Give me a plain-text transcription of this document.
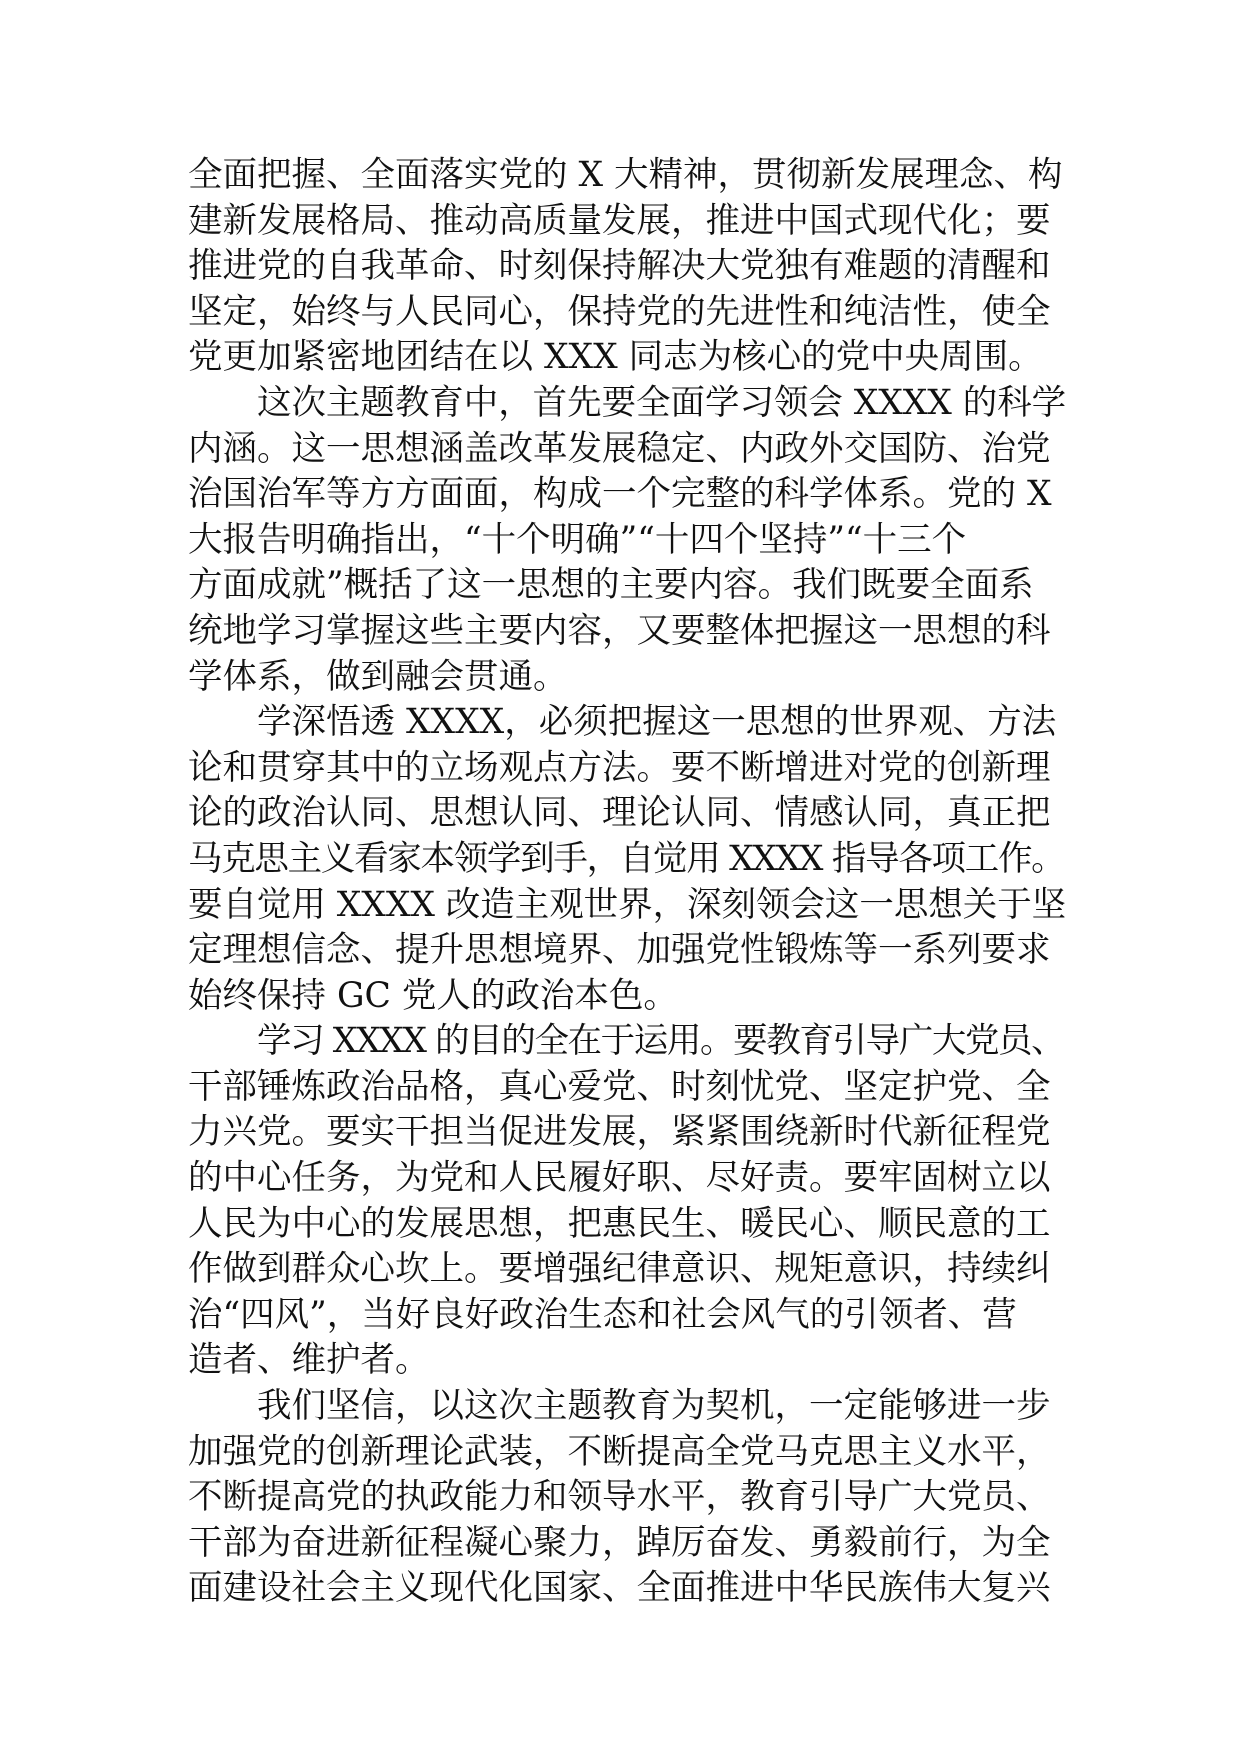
全面把握、全面落实党的 X 大精神，贯彻新发展理念、构
建新发展格局、推动高质量发展，推进中国式现代化；要
推进党的自我革命、时刻保持解决大党独有难题的清醒和
坚定，始终与人民同心，保持党的先进性和纯洁性，使全
党更加紧密地团结在以 XXX 同志为核心的党中央周围。
这次主题教育中，首先要全面学习领会 XXXX 的科学
内涵。这一思想涵盖改革发展稳定、内政外交国防、治党
治国治军等方方面面，构成一个完整的科学体系。党的 X
大报告明确指出，“十个明确”“十四个坚持”“十三个
方面成就”概括了这一思想的主要内容。我们既要全面系
统地学习掌握这些主要内容，又要整体把握这一思想的科
学体系，做到融会贯通。
学深悟透 XXXX，必须把握这一思想的世界观、方法
论和贯穿其中的立场观点方法。要不断增进对党的创新理
论的政治认同、思想认同、理论认同、情感认同，真正把
马克思主义看家本领学到手，自觉用 XXXX 指导各项工作。
要自觉用 XXXX 改造主观世界，深刻领会这一思想关于坚
定理想信念、提升思想境界、加强党性锻炼等一系列要求
始终保持 GC 党人的政治本色。
学习 XXXX 的目的全在于运用。要教育引导广大党员、
干部锤炼政治品格，真心爱党、时刻忧党、坚定护党、全
力兴党。要实干担当促进发展，紧紧围绕新时代新征程党
的中心任务，为党和人民履好职、尽好责。要牢固树立以
人民为中心的发展思想，把惠民生、暖民心、顺民意的工
作做到群众心坎上。要增强纪律意识、规矩意识，持续纠
治“四风”，当好良好政治生态和社会风气的引领者、营
造者、维护者。
我们坚信，以这次主题教育为契机，一定能够进一步
加强党的创新理论武装，不断提高全党马克思主义水平，
不断提高党的执政能力和领导水平，教育引导广大党员、
干部为奋进新征程凝心聚力，踔厉奋发、勇毅前行，为全
面建设社会主义现代化国家、全面推进中华民族伟大复兴
